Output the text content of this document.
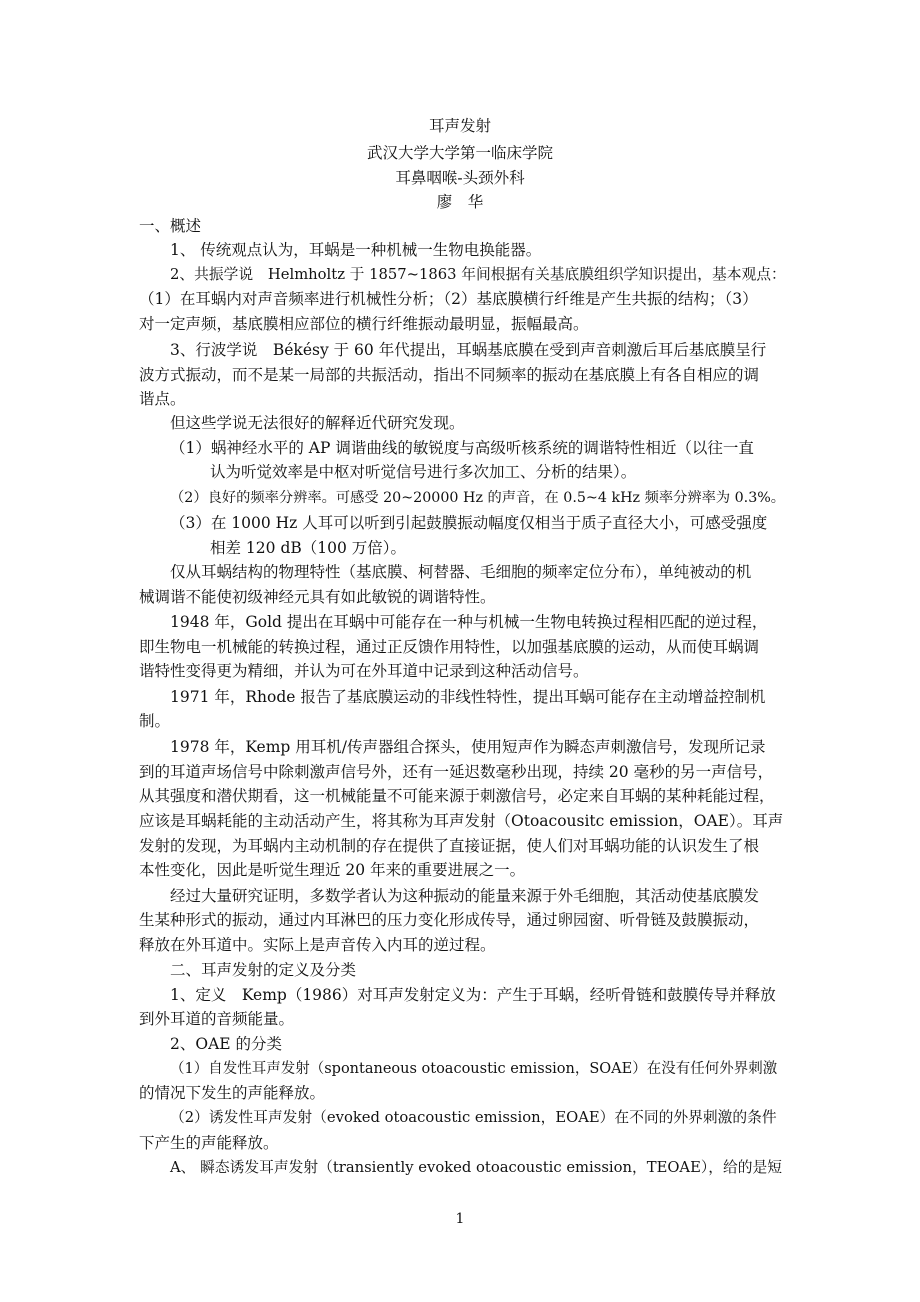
耳声发射
武汉大学大学第一临床学院
耳鼻咽喉-头颈外科
廖　华
一、概述
1、 传统观点认为，耳蜗是一种机械一生物电换能器。
2、共振学说　Helmholtz 于 1857~1863 年间根据有关基底膜组织学知识提出，基本观点：
（1）在耳蜗内对声音频率进行机械性分析；（2）基底膜横行纤维是产生共振的结构；（3）
对一定声频，基底膜相应部位的横行纤维振动最明显，振幅最高。
3、行波学说　Békésy 于 60 年代提出，耳蜗基底膜在受到声音刺激后耳后基底膜呈行
波方式振动，而不是某一局部的共振活动，指出不同频率的振动在基底膜上有各自相应的调
谐点。
但这些学说无法很好的解释近代研究发现。
（1）蜗神经水平的 AP 调谐曲线的敏锐度与高级听核系统的调谐特性相近（以往一直
认为听觉效率是中枢对听觉信号进行多次加工、分析的结果）。
（2）良好的频率分辨率。可感受 20~20000 Hz 的声音，在 0.5~4 kHz 频率分辨率为 0.3%。
（3）在 1000 Hz 人耳可以听到引起鼓膜振动幅度仅相当于质子直径大小，可感受强度
相差 120 dB（100 万倍）。
仅从耳蜗结构的物理特性（基底膜、柯替器、毛细胞的频率定位分布），单纯被动的机
械调谐不能使初级神经元具有如此敏锐的调谐特性。
1948 年，Gold 提出在耳蜗中可能存在一种与机械一生物电转换过程相匹配的逆过程，
即生物电一机械能的转换过程，通过正反馈作用特性，以加强基底膜的运动，从而使耳蜗调
谐特性变得更为精细，并认为可在外耳道中记录到这种活动信号。
1971 年，Rhode 报告了基底膜运动的非线性特性，提出耳蜗可能存在主动增益控制机
制。
1978 年，Kemp 用耳机/传声器组合探头，使用短声作为瞬态声刺激信号，发现所记录
到的耳道声场信号中除刺激声信号外，还有一延迟数毫秒出现，持续 20 毫秒的另一声信号，
从其强度和潜伏期看，这一机械能量不可能来源于刺激信号，必定来自耳蜗的某种耗能过程，
应该是耳蜗耗能的主动活动产生，将其称为耳声发射（Otoacousitc emission，OAE）。耳声
发射的发现，为耳蜗内主动机制的存在提供了直接证据，使人们对耳蜗功能的认识发生了根
本性变化，因此是听觉生理近 20 年来的重要进展之一。
经过大量研究证明，多数学者认为这种振动的能量来源于外毛细胞，其活动使基底膜发
生某种形式的振动，通过内耳淋巴的压力变化形成传导，通过卵园窗、听骨链及鼓膜振动，
释放在外耳道中。实际上是声音传入内耳的逆过程。
二、耳声发射的定义及分类
1、定义　Kemp（1986）对耳声发射定义为：产生于耳蜗，经听骨链和鼓膜传导并释放
到外耳道的音频能量。
2、OAE 的分类
（1）自发性耳声发射（spontaneous otoacoustic emission，SOAE）在没有任何外界刺激
的情况下发生的声能释放。
（2）诱发性耳声发射（evoked otoacoustic emission，EOAE）在不同的外界刺激的条件
下产生的声能释放。
A、 瞬态诱发耳声发射（transiently evoked otoacoustic emission，TEOAE），给的是短
1
